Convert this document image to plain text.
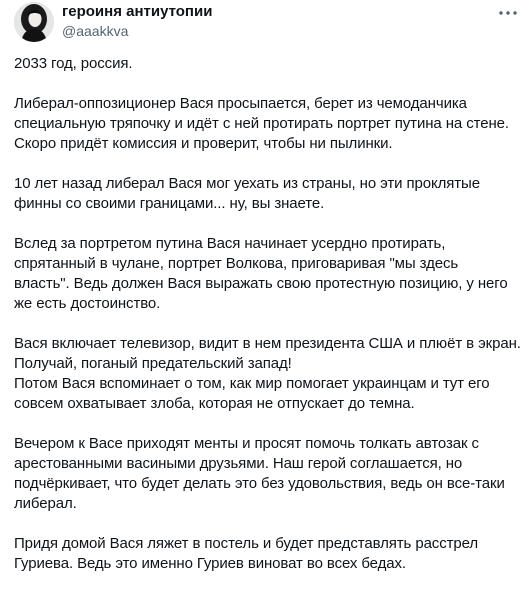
героиня антиутопии
@aaakkva

2033 год, россия.

Либерал-оппозиционер Вася просыпается, берет из чемоданчика
специальную тряпочку и идёт с ней протирать портрет путина на стене.
Скоро придёт комиссия и проверит, чтобы ни пылинки.

10 лет назад либерал Вася мог уехать из страны, но эти проклятые
финны со своими границами... ну, вы знаете.

Вслед за портретом путина Вася начинает усердно протирать,
спрятанный в чулане, портрет Волкова, приговаривая "мы здесь
власть". Ведь должен Вася выражать свою протестную позицию, у него
же есть достоинство.

Вася включает телевизор, видит в нем президента США и плюёт в экран.
Получай, поганый предательский запад!
Потом Вася вспоминает о том, как мир помогает украинцам и тут его
совсем охватывает злоба, которая не отпускает до темна.

Вечером к Васе приходят менты и просят помочь толкать автозак с
арестованными васиными друзьями. Наш герой соглашается, но
подчёркивает, что будет делать это без удовольствия, ведь он все-таки
либерал.

Придя домой Вася ляжет в постель и будет представлять расстрел
Гуриева. Ведь это именно Гуриев виноват во всех бедах.
